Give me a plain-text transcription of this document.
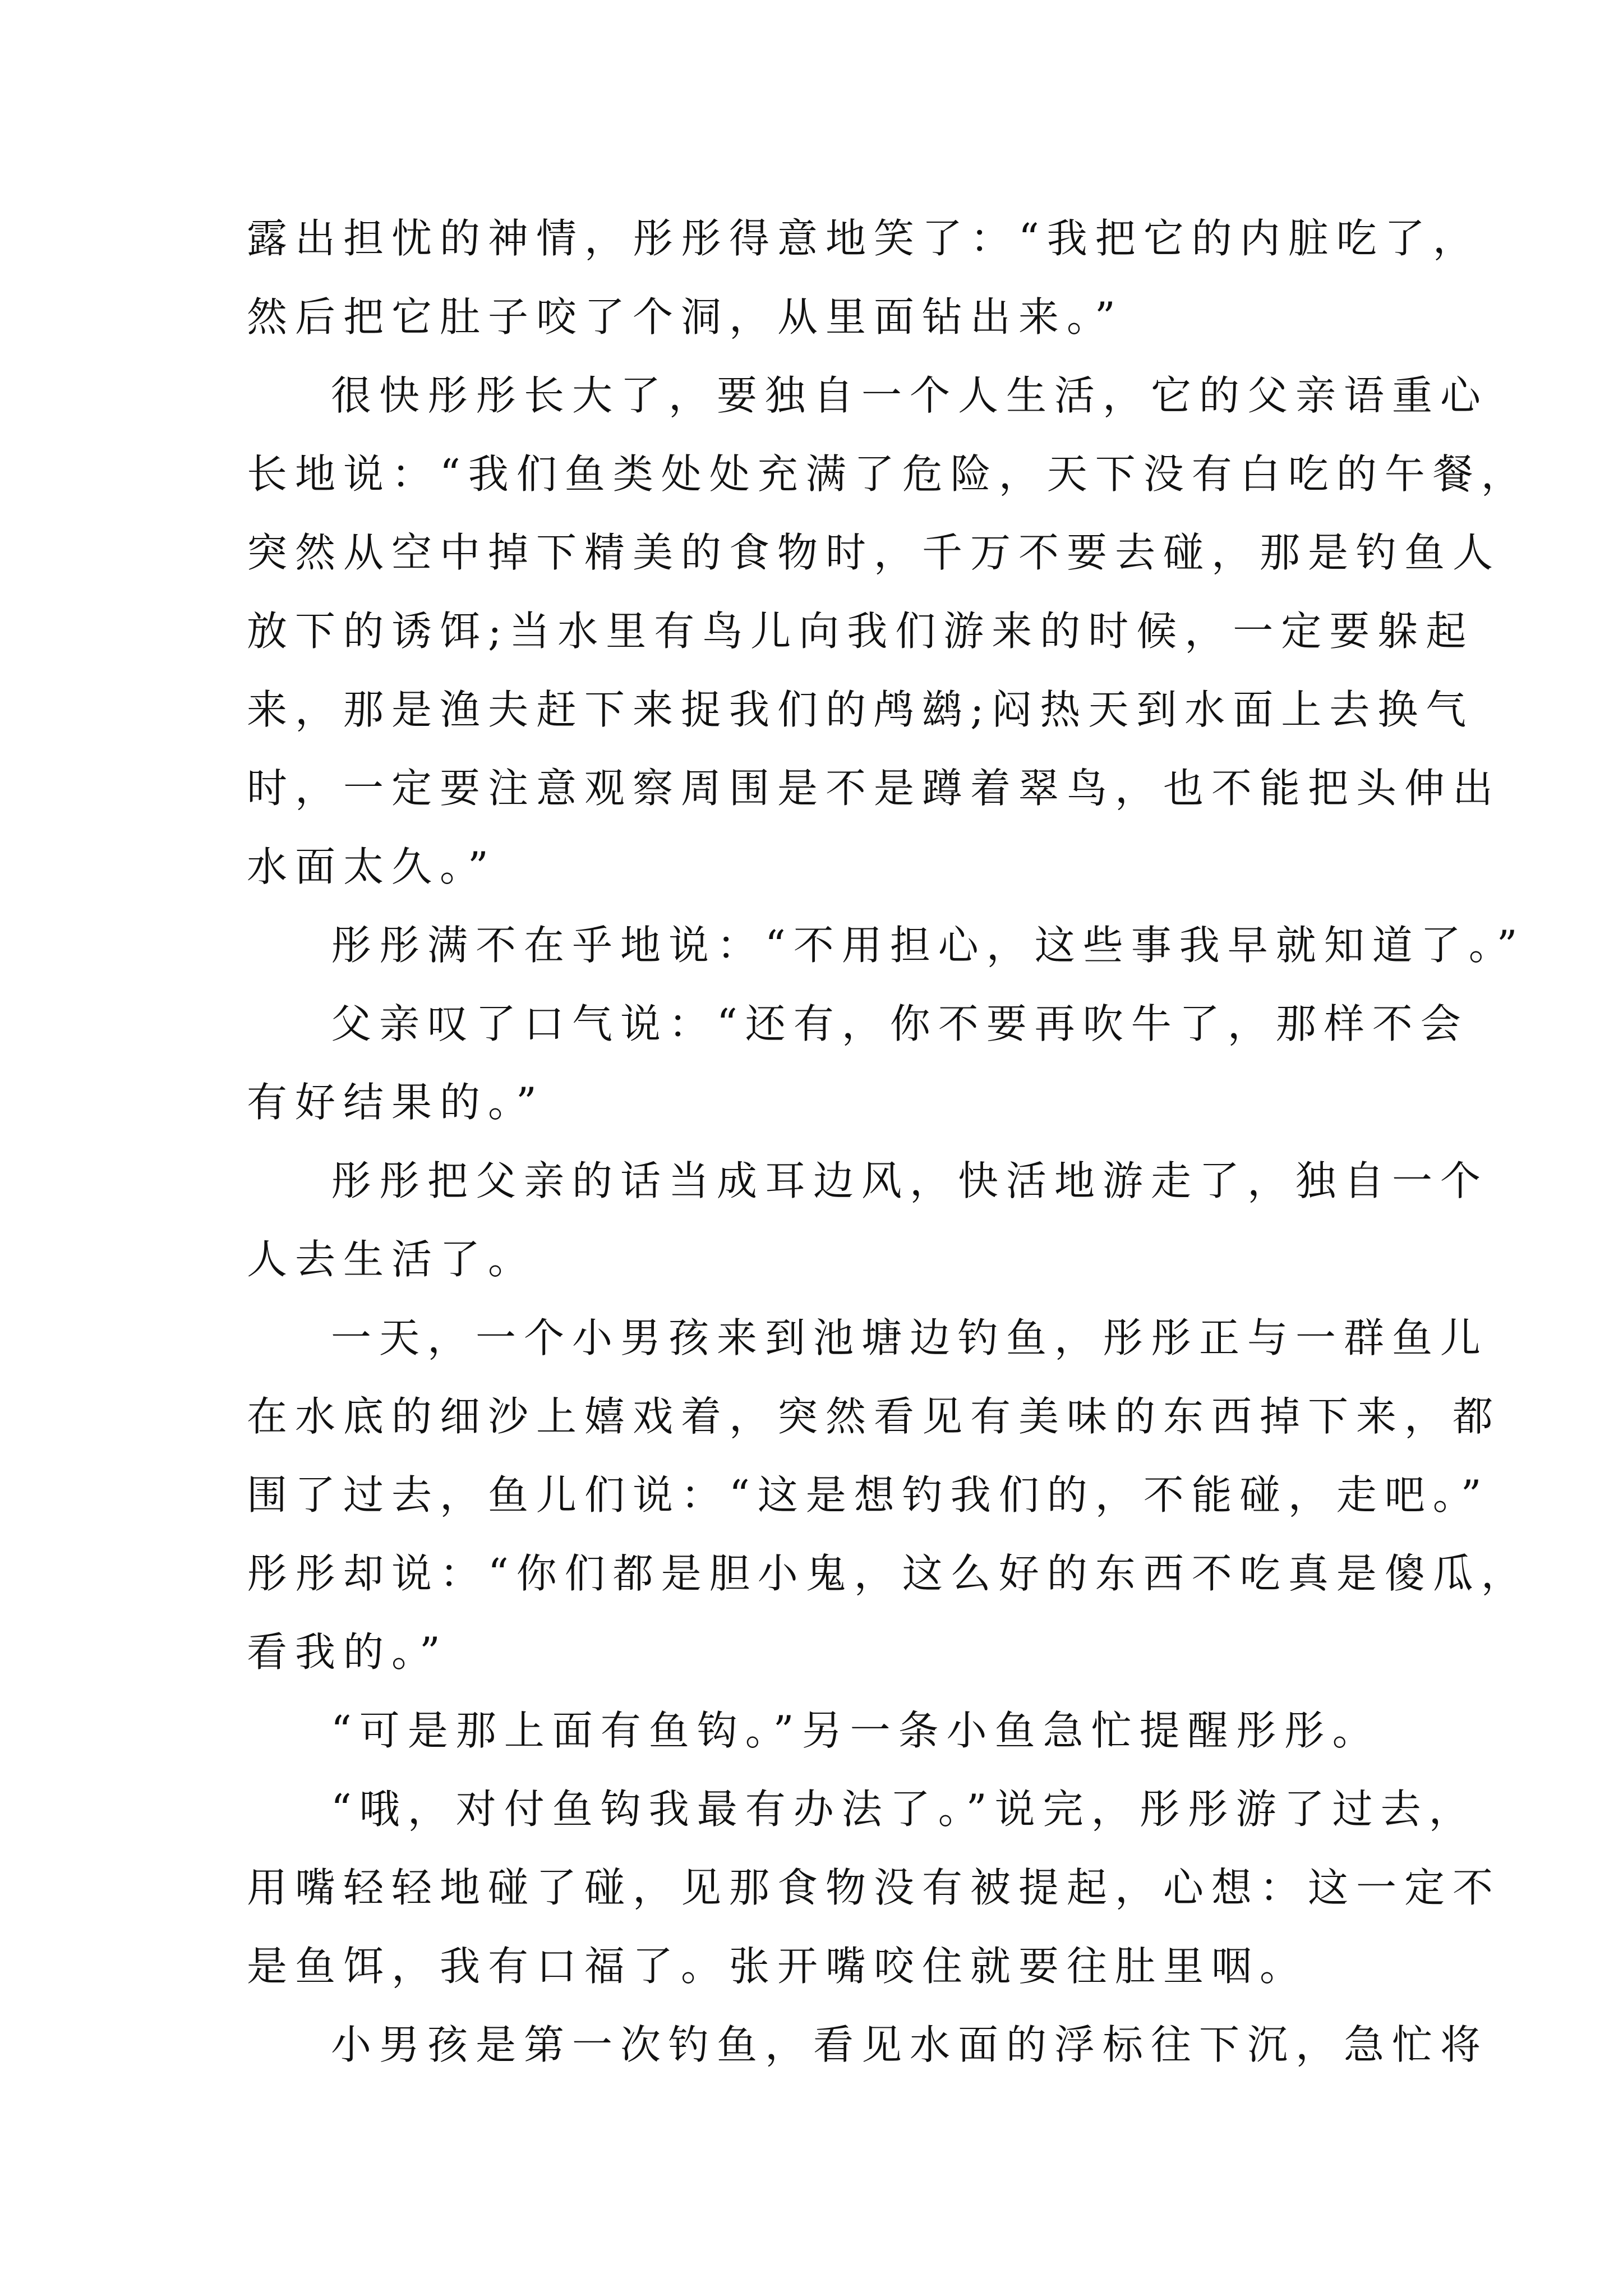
露出担忧的神情，彤彤得意地笑了：“我把它的内脏吃了，
然后把它肚子咬了个洞，从里面钻出来。”
很快彤彤长大了，要独自一个人生活，它的父亲语重心
长地说：“我们鱼类处处充满了危险，天下没有白吃的午餐，
突然从空中掉下精美的食物时，千万不要去碰，那是钓鱼人
放下的诱饵;当水里有鸟儿向我们游来的时候，一定要躲起
来，那是渔夫赶下来捉我们的鸬鹚;闷热天到水面上去换气
时，一定要注意观察周围是不是蹲着翠鸟，也不能把头伸出
水面太久。”
彤彤满不在乎地说：“不用担心，这些事我早就知道了。”
父亲叹了口气说：“还有，你不要再吹牛了，那样不会
有好结果的。”
彤彤把父亲的话当成耳边风，快活地游走了，独自一个
人去生活了。
一天，一个小男孩来到池塘边钓鱼，彤彤正与一群鱼儿
在水底的细沙上嬉戏着，突然看见有美味的东西掉下来，都
围了过去，鱼儿们说：“这是想钓我们的，不能碰，走吧。”
彤彤却说：“你们都是胆小鬼，这么好的东西不吃真是傻瓜，
看我的。”
“可是那上面有鱼钩。”另一条小鱼急忙提醒彤彤。
“哦，对付鱼钩我最有办法了。”说完，彤彤游了过去，
用嘴轻轻地碰了碰，见那食物没有被提起，心想：这一定不
是鱼饵，我有口福了。张开嘴咬住就要往肚里咽。
小男孩是第一次钓鱼，看见水面的浮标往下沉，急忙将
